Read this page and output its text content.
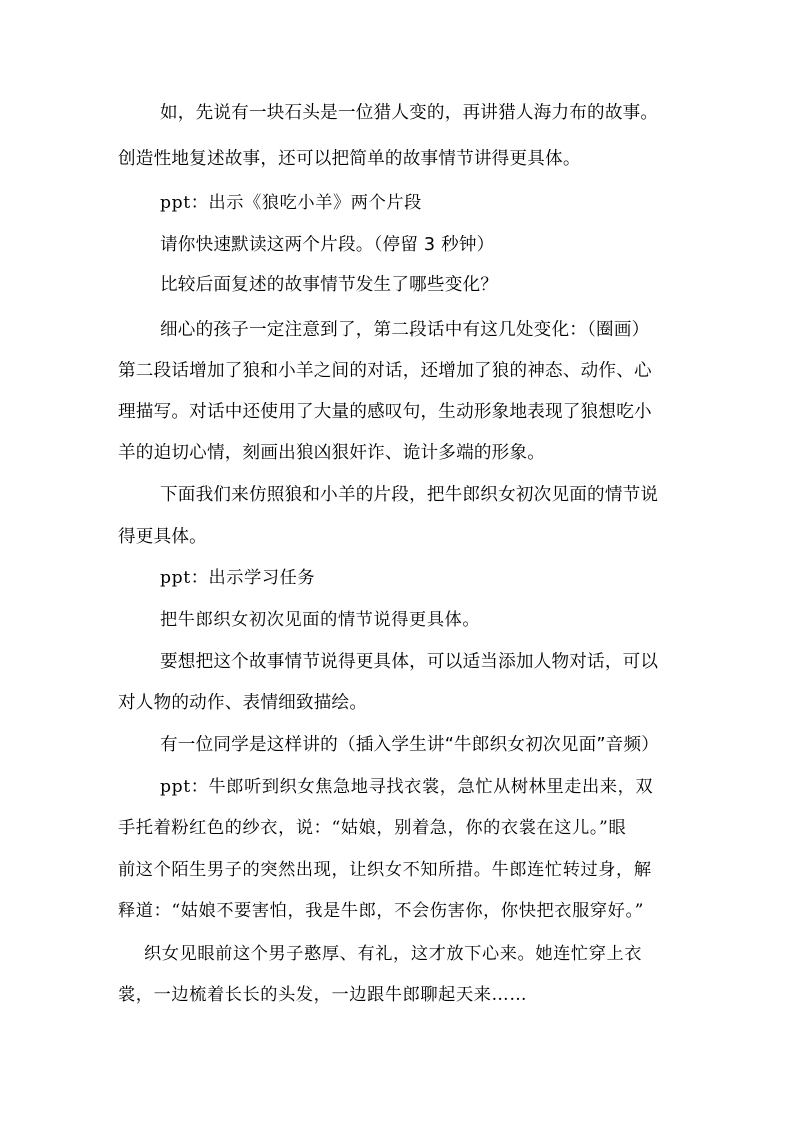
如，先说有一块石头是一位猎人变的，再讲猎人海力布的故事。
创造性地复述故事，还可以把简单的故事情节讲得更具体。
ppt：出示《狼吃小羊》两个片段
请你快速默读这两个片段。（停留 3 秒钟）
比较后面复述的故事情节发生了哪些变化？
细心的孩子一定注意到了，第二段话中有这几处变化：（圈画）
第二段话增加了狼和小羊之间的对话，还增加了狼的神态、动作、心
理描写。对话中还使用了大量的感叹句，生动形象地表现了狼想吃小
羊的迫切心情，刻画出狼凶狠奸诈、诡计多端的形象。
下面我们来仿照狼和小羊的片段，把牛郎织女初次见面的情节说
得更具体。
ppt：出示学习任务
把牛郎织女初次见面的情节说得更具体。
要想把这个故事情节说得更具体，可以适当添加人物对话，可以
对人物的动作、表情细致描绘。
有一位同学是这样讲的（插入学生讲“牛郎织女初次见面”音频）
ppt：牛郎听到织女焦急地寻找衣裳，急忙从树林里走出来，双
手托着粉红色的纱衣，说：“姑娘，别着急，你的衣裳在这儿。”眼
前这个陌生男子的突然出现，让织女不知所措。牛郎连忙转过身，解
释道：“姑娘不要害怕，我是牛郎，不会伤害你，你快把衣服穿好。”
织女见眼前这个男子憨厚、有礼，这才放下心来。她连忙穿上衣
裳，一边梳着长长的头发，一边跟牛郎聊起天来……
